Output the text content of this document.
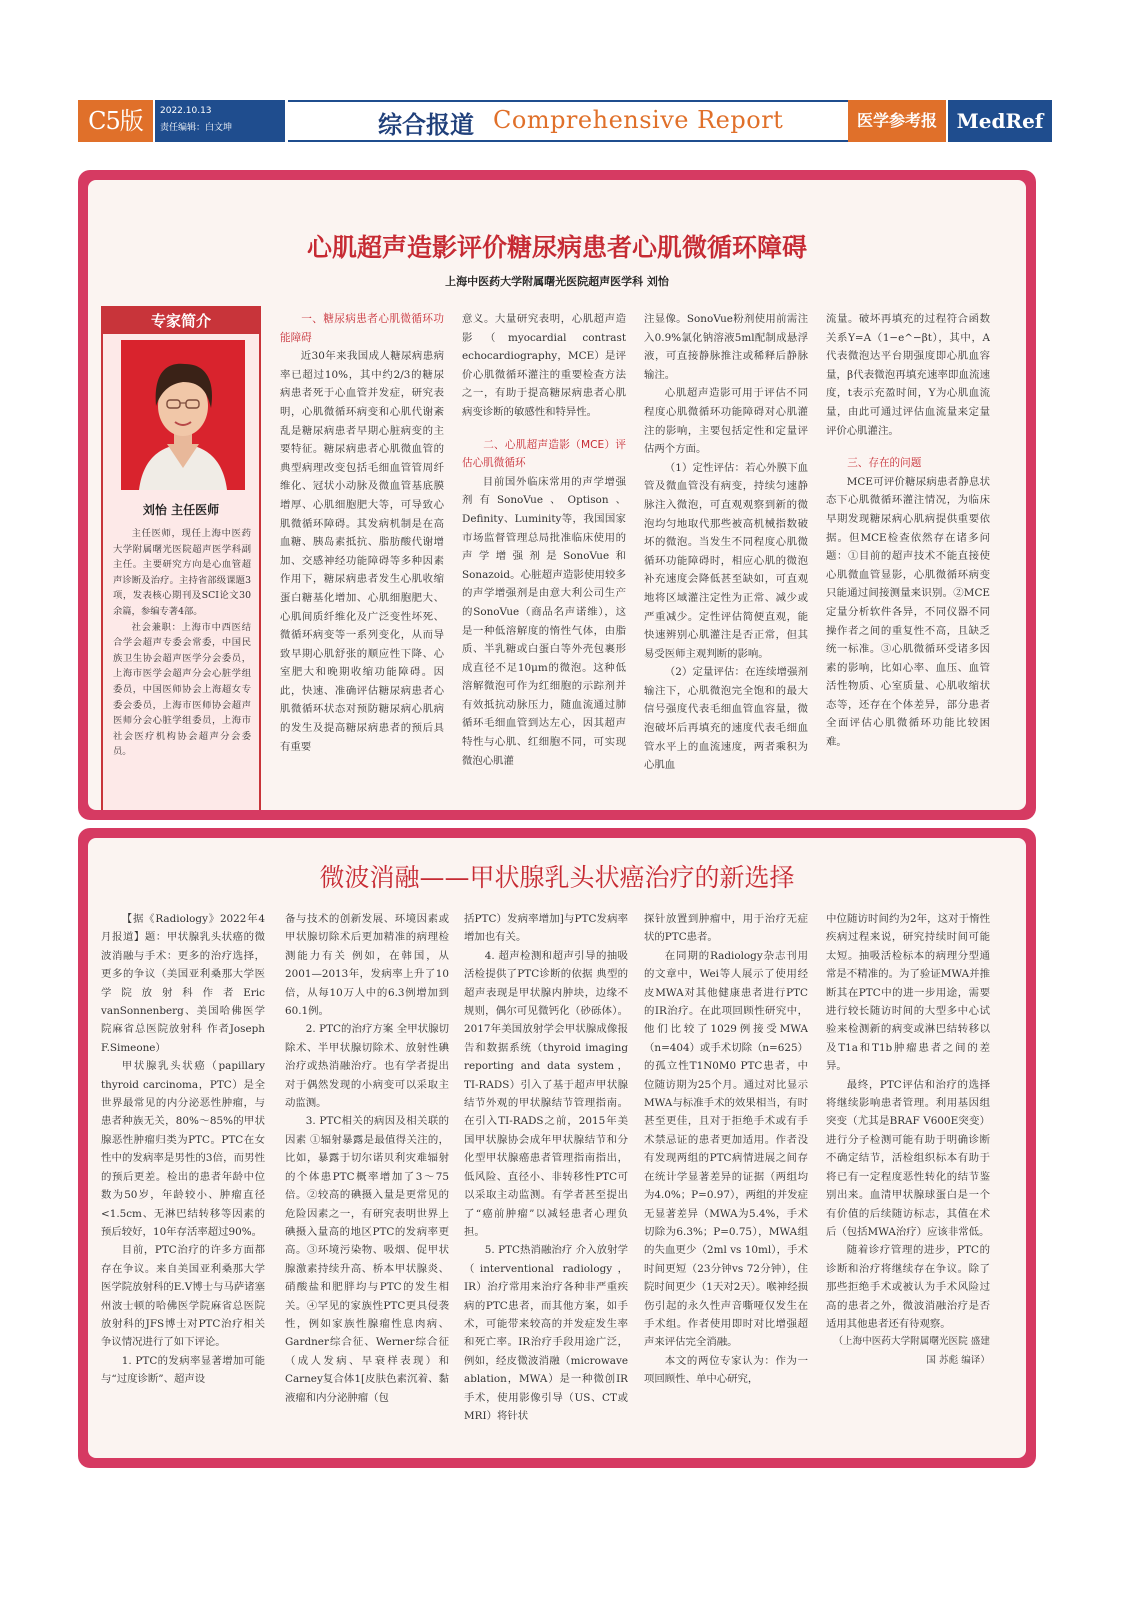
C5版	2022.10.13
责任编辑：白文坤	综合报道 Comprehensive Report	医学参考报 MedRef
心肌超声造影评价糖尿病患者心肌微循环障碍
上海中医药大学附属曙光医院超声医学科 刘怡
专家简介
刘怡 主任医师

主任医师，现任上海中医药大学附属曙光医院超声医学科副主任。主要研究方向是心血管超声诊断及治疗。主持省部级课题3项，发表核心期刊及SCI论文30余篇，参编专著4部。

社会兼职：上海市中西医结合学会超声专委会常委，中国民族卫生协会超声医学分会委员，上海市医学会超声分会心脏学组委员，中国医师协会上海超女专委会委员，上海市医师协会超声医师分会心脏学组委员，上海市社会医疗机构协会超声分会委员。

一、糖尿病患者心肌微循环功能障碍

近30年来我国成人糖尿病患病率已超过10%，其中约2/3的糖尿病患者死于心血管并发症，研究表明，心肌微循环病变和心肌代谢紊乱是糖尿病患者早期心脏病变的主要特征。糖尿病患者心肌微血管的典型病理改变包括毛细血管管周纤维化、冠状小动脉及微血管基底膜增厚、心肌细胞肥大等，可导致心肌微循环障碍。其发病机制是在高血糖、胰岛素抵抗、脂肪酸代谢增加、交感神经功能障碍等多种因素作用下，糖尿病患者发生心肌收缩蛋白糖基化增加、心肌细胞肥大、心肌间质纤维化及广泛变性坏死、微循环病变等一系列变化，从而导致早期心肌舒张的顺应性下降、心室肥大和晚期收缩功能障碍。因此，快速、准确评估糖尿病患者心肌微循环状态对预防糖尿病心肌病的发生及提高糖尿病患者的预后具有重要

意义。大量研究表明，心肌超声造影（myocardial contrast echocardiography，MCE）是评价心肌微循环灌注的重要检查方法之一，有助于提高糖尿病患者心肌病变诊断的敏感性和特异性。

二、心肌超声造影（MCE）评估心肌微循环

目前国外临床常用的声学增强剂有SonoVue、Optison、Definity、Luminity等，我国国家市场监督管理总局批准临床使用的声学增强剂是SonoVue和Sonazoid。心脏超声造影使用较多的声学增强剂是由意大利公司生产的SonoVue（商品名声诺维），这是一种低溶解度的惰性气体，由脂质、半乳糖或白蛋白等外壳包裹形成直径不足10μm的微泡。这种低溶解微泡可作为红细胞的示踪剂并有效抵抗动脉压力，随血流通过肺循环毛细血管到达左心，因其超声特性与心肌、红细胞不同，可实现微泡心肌灌

注显像。SonoVue粉剂使用前需注入0.9%氯化钠溶液5ml配制成悬浮液，可直接静脉推注或稀释后静脉输注。

心肌超声造影可用于评估不同程度心肌微循环功能障碍对心肌灌注的影响，主要包括定性和定量评估两个方面。

（1）定性评估：若心外膜下血管及微血管没有病变，持续匀速静脉注入微泡，可直观观察到新的微泡均匀地取代那些被高机械指数破坏的微泡。当发生不同程度心肌微循环功能障碍时，相应心肌的微泡补充速度会降低甚至缺如，可直观地将区域灌注定性为正常、减少或严重减少。定性评估简便直观，能快速辨别心肌灌注是否正常，但其易受医师主观判断的影响。

（2）定量评估：在连续增强剂输注下，心肌微泡完全饱和的最大信号强度代表毛细血管血容量，微泡破坏后再填充的速度代表毛细血管水平上的血流速度，两者乘积为心肌血

流量。破坏再填充的过程符合函数关系Y=A（1−e^−βt），其中，A代表微泡达平台期强度即心肌血容量，β代表微泡再填充速率即血流速度，t表示充盈时间，Y为心肌血流量，由此可通过评估血流量来定量评价心肌灌注。

三、存在的问题

MCE可评价糖尿病患者静息状态下心肌微循环灌注情况，为临床早期发现糖尿病心肌病提供重要依据。但MCE检查依然存在诸多问题：①目前的超声技术不能直接使心肌微血管显影，心肌微循环病变只能通过间接测量来识别。②MCE定量分析软件各异，不同仪器不同操作者之间的重复性不高，且缺乏统一标准。③心肌微循环受诸多因素的影响，比如心率、血压、血管活性物质、心室质量、心肌收缩状态等，还存在个体差异，部分患者全面评估心肌微循环功能比较困难。

微波消融——甲状腺乳头状癌治疗的新选择

【据《Radiology》2022年4月报道】题：甲状腺乳头状癌的微波消融与手术：更多的治疗选择，更多的争议（美国亚利桑那大学医学院放射科作者Eric vanSonnenberg、美国哈佛医学院麻省总医院放射科 作者Joseph F.Simeone）

甲状腺乳头状癌（papillary thyroid carcinoma，PTC）是全世界最常见的内分泌恶性肿瘤，与患者种族无关，80%～85%的甲状腺恶性肿瘤归类为PTC。PTC在女性中的发病率是男性的3倍，而男性的预后更差。检出的患者年龄中位数为50岁，年龄较小、肿瘤直径<1.5cm、无淋巴结转移等因素的预后较好，10年存活率超过90%。

目前，PTC治疗的许多方面都存在争议。来自美国亚利桑那大学医学院放射科的E.V博士与马萨诸塞州波士顿的哈佛医学院麻省总医院放射科的JFS博士对PTC治疗相关争议情况进行了如下评论。

1. PTC的发病率显著增加可能与“过度诊断”、超声设

备与技术的创新发展、环境因素或甲状腺切除术后更加精准的病理检测能力有关 例如，在韩国，从2001—2013年，发病率上升了10倍，从每10万人中的6.3例增加到60.1例。

2. PTC的治疗方案 全甲状腺切除术、半甲状腺切除术、放射性碘治疗或热消融治疗。也有学者提出对于偶然发现的小病变可以采取主动监测。

3. PTC相关的病因及相关联的因素 ①辐射暴露是最值得关注的，比如，暴露于切尔诺贝利灾难辐射的个体患PTC概率增加了3～75倍。②较高的碘摄入量是更常见的危险因素之一，有研究表明世界上碘摄入量高的地区PTC的发病率更高。③环境污染物、吸烟、促甲状腺激素持续升高、桥本甲状腺炎、硝酸盐和肥胖均与PTC的发生相关。④罕见的家族性PTC更具侵袭性，例如家族性腺瘤性息肉病、Gardner综合征、Werner综合征（成人发病、早衰样表现）和Carney复合体1[皮肤色素沉着、黏液瘤和内分泌肿瘤（包

括PTC）发病率增加]与PTC发病率增加也有关。

4. 超声检测和超声引导的抽吸活检提供了PTC诊断的依据 典型的超声表现是甲状腺内肿块，边缘不规则，偶尔可见微钙化（砂砾体）。2017年美国放射学会甲状腺成像报告和数据系统（thyroid imaging reporting and data system，TI-RADS）引入了基于超声甲状腺结节外观的甲状腺结节管理指南。在引入TI-RADS之前，2015年美国甲状腺协会成年甲状腺结节和分化型甲状腺癌患者管理指南指出，低风险、直径小、非转移性PTC可以采取主动监测。有学者甚至提出了“癌前肿瘤”以减轻患者心理负担。

5. PTC热消融治疗 介入放射学（interventional radiology，IR）治疗常用来治疗各种非严重疾病的PTC患者，而其他方案，如手术，可能带来较高的并发症发生率和死亡率。IR治疗手段用途广泛，例如，经皮微波消融（microwave ablation，MWA）是一种微创IR手术，使用影像引导（US、CT或MRI）将针状

探针放置到肿瘤中，用于治疗无症状的PTC患者。

在同期的Radiology杂志刊用的文章中，Wei等人展示了使用经皮MWA对其他健康患者进行PTC的IR治疗。在此项回顾性研究中，他们比较了1029例接受MWA（n=404）或手术切除（n=625）的孤立性T1N0M0 PTC患者，中位随访期为25个月。通过对比显示MWA与标准手术的效果相当，有时甚至更佳，且对于拒绝手术或有手术禁忌证的患者更加适用。作者没有发现两组的PTC病情进展之间存在统计学显著差异的证据（两组均为4.0%；P=0.97），两组的并发症无显著差异（MWA为5.4%，手术切除为6.3%；P=0.75），MWA组的失血更少（2ml vs 10ml），手术时间更短（23分钟vs 72分钟），住院时间更少（1天对2天）。喉神经损伤引起的永久性声音嘶哑仅发生在手术组。作者使用即时对比增强超声来评估完全消融。

本文的两位专家认为：作为一项回顾性、单中心研究，

中位随访时间约为2年，这对于惰性疾病过程来说，研究持续时间可能太短。抽吸活检标本的病理分型通常是不精准的。为了验证MWA并推断其在PTC中的进一步用途，需要进行较长随访时间的大型多中心试验来检测新的病变或淋巴结转移以及T1a和T1b肿瘤患者之间的差异。

最终，PTC评估和治疗的选择将继续影响患者管理。利用基因组突变（尤其是BRAF V600E突变）进行分子检测可能有助于明确诊断不确定结节，活检组织标本有助于将已有一定程度恶性转化的结节鉴别出来。血清甲状腺球蛋白是一个有价值的后续随访标志，其值在术后（包括MWA治疗）应该非常低。

随着诊疗管理的进步，PTC的诊断和治疗将继续存在争议。除了那些拒绝手术或被认为手术风险过高的患者之外，微波消融治疗是否适用其他患者还有待观察。

（上海中医药大学附属曙光医院 盛建国 苏彪 编译）
